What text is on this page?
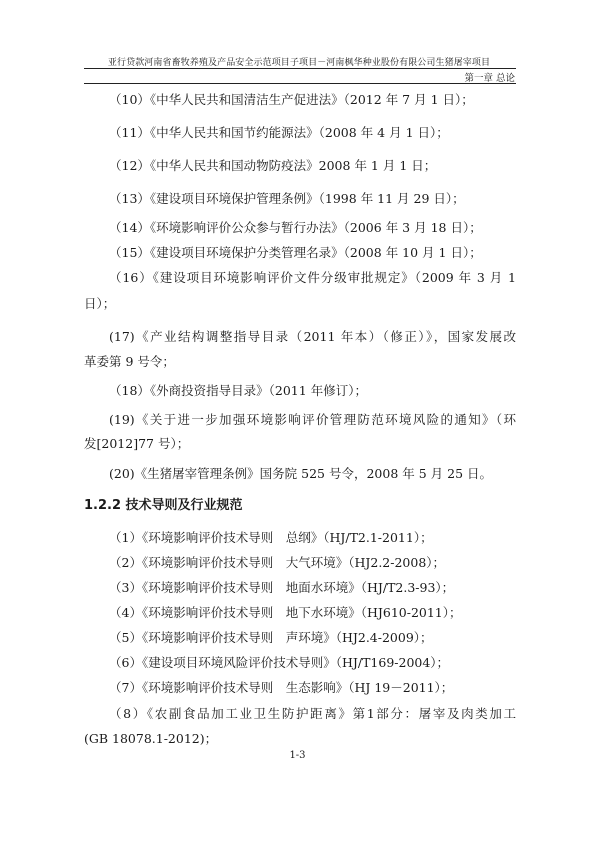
亚行贷款河南省畜牧养殖及产品安全示范项目子项目－河南枫华种业股份有限公司生猪屠宰项目
第一章 总论
（10）《中华人民共和国清洁生产促进法》（2012 年 7 月 1 日）；
（11）《中华人民共和国节约能源法》（2008 年 4 月 1 日）；
（12）《中华人民共和国动物防疫法》2008 年 1 月 1 日；
（13）《建设项目环境保护管理条例》（1998 年 11 月 29 日）；
（14）《环境影响评价公众参与暂行办法》（2006 年 3 月 18 日）；
（15）《建设项目环境保护分类管理名录》（2008 年 10 月 1 日）；
（16）《建设项目环境影响评价文件分级审批规定》（2009 年 3 月 1
日）；
(17)《产业结构调整指导目录（2011 年本）（修正）》，国家发展改
革委第 9 号令；
（18）《外商投资指导目录》（2011 年修订）；
(19)《关于进一步加强环境影响评价管理防范环境风险的通知》（环
发[2012]77 号）；
(20)《生猪屠宰管理条例》国务院 525 号令，2008 年 5 月 25 日。
1.2.2 技术导则及行业规范
（1）《环境影响评价技术导则　总纲》（HJ/T2.1-2011）；
（2）《环境影响评价技术导则　大气环境》（HJ2.2-2008）；
（3）《环境影响评价技术导则　地面水环境》（HJ/T2.3-93）；
（4）《环境影响评价技术导则　地下水环境》（HJ610-2011）；
（5）《环境影响评价技术导则　声环境》（HJ2.4-2009）；
（6）《建设项目环境风险评价技术导则》（HJ/T169-2004）；
（7）《环境影响评价技术导则　生态影响》（HJ 19－2011）；
（8）《农副食品加工业卫生防护距离》第1部分：屠宰及肉类加工
(GB 18078.1-2012)；
1-3
